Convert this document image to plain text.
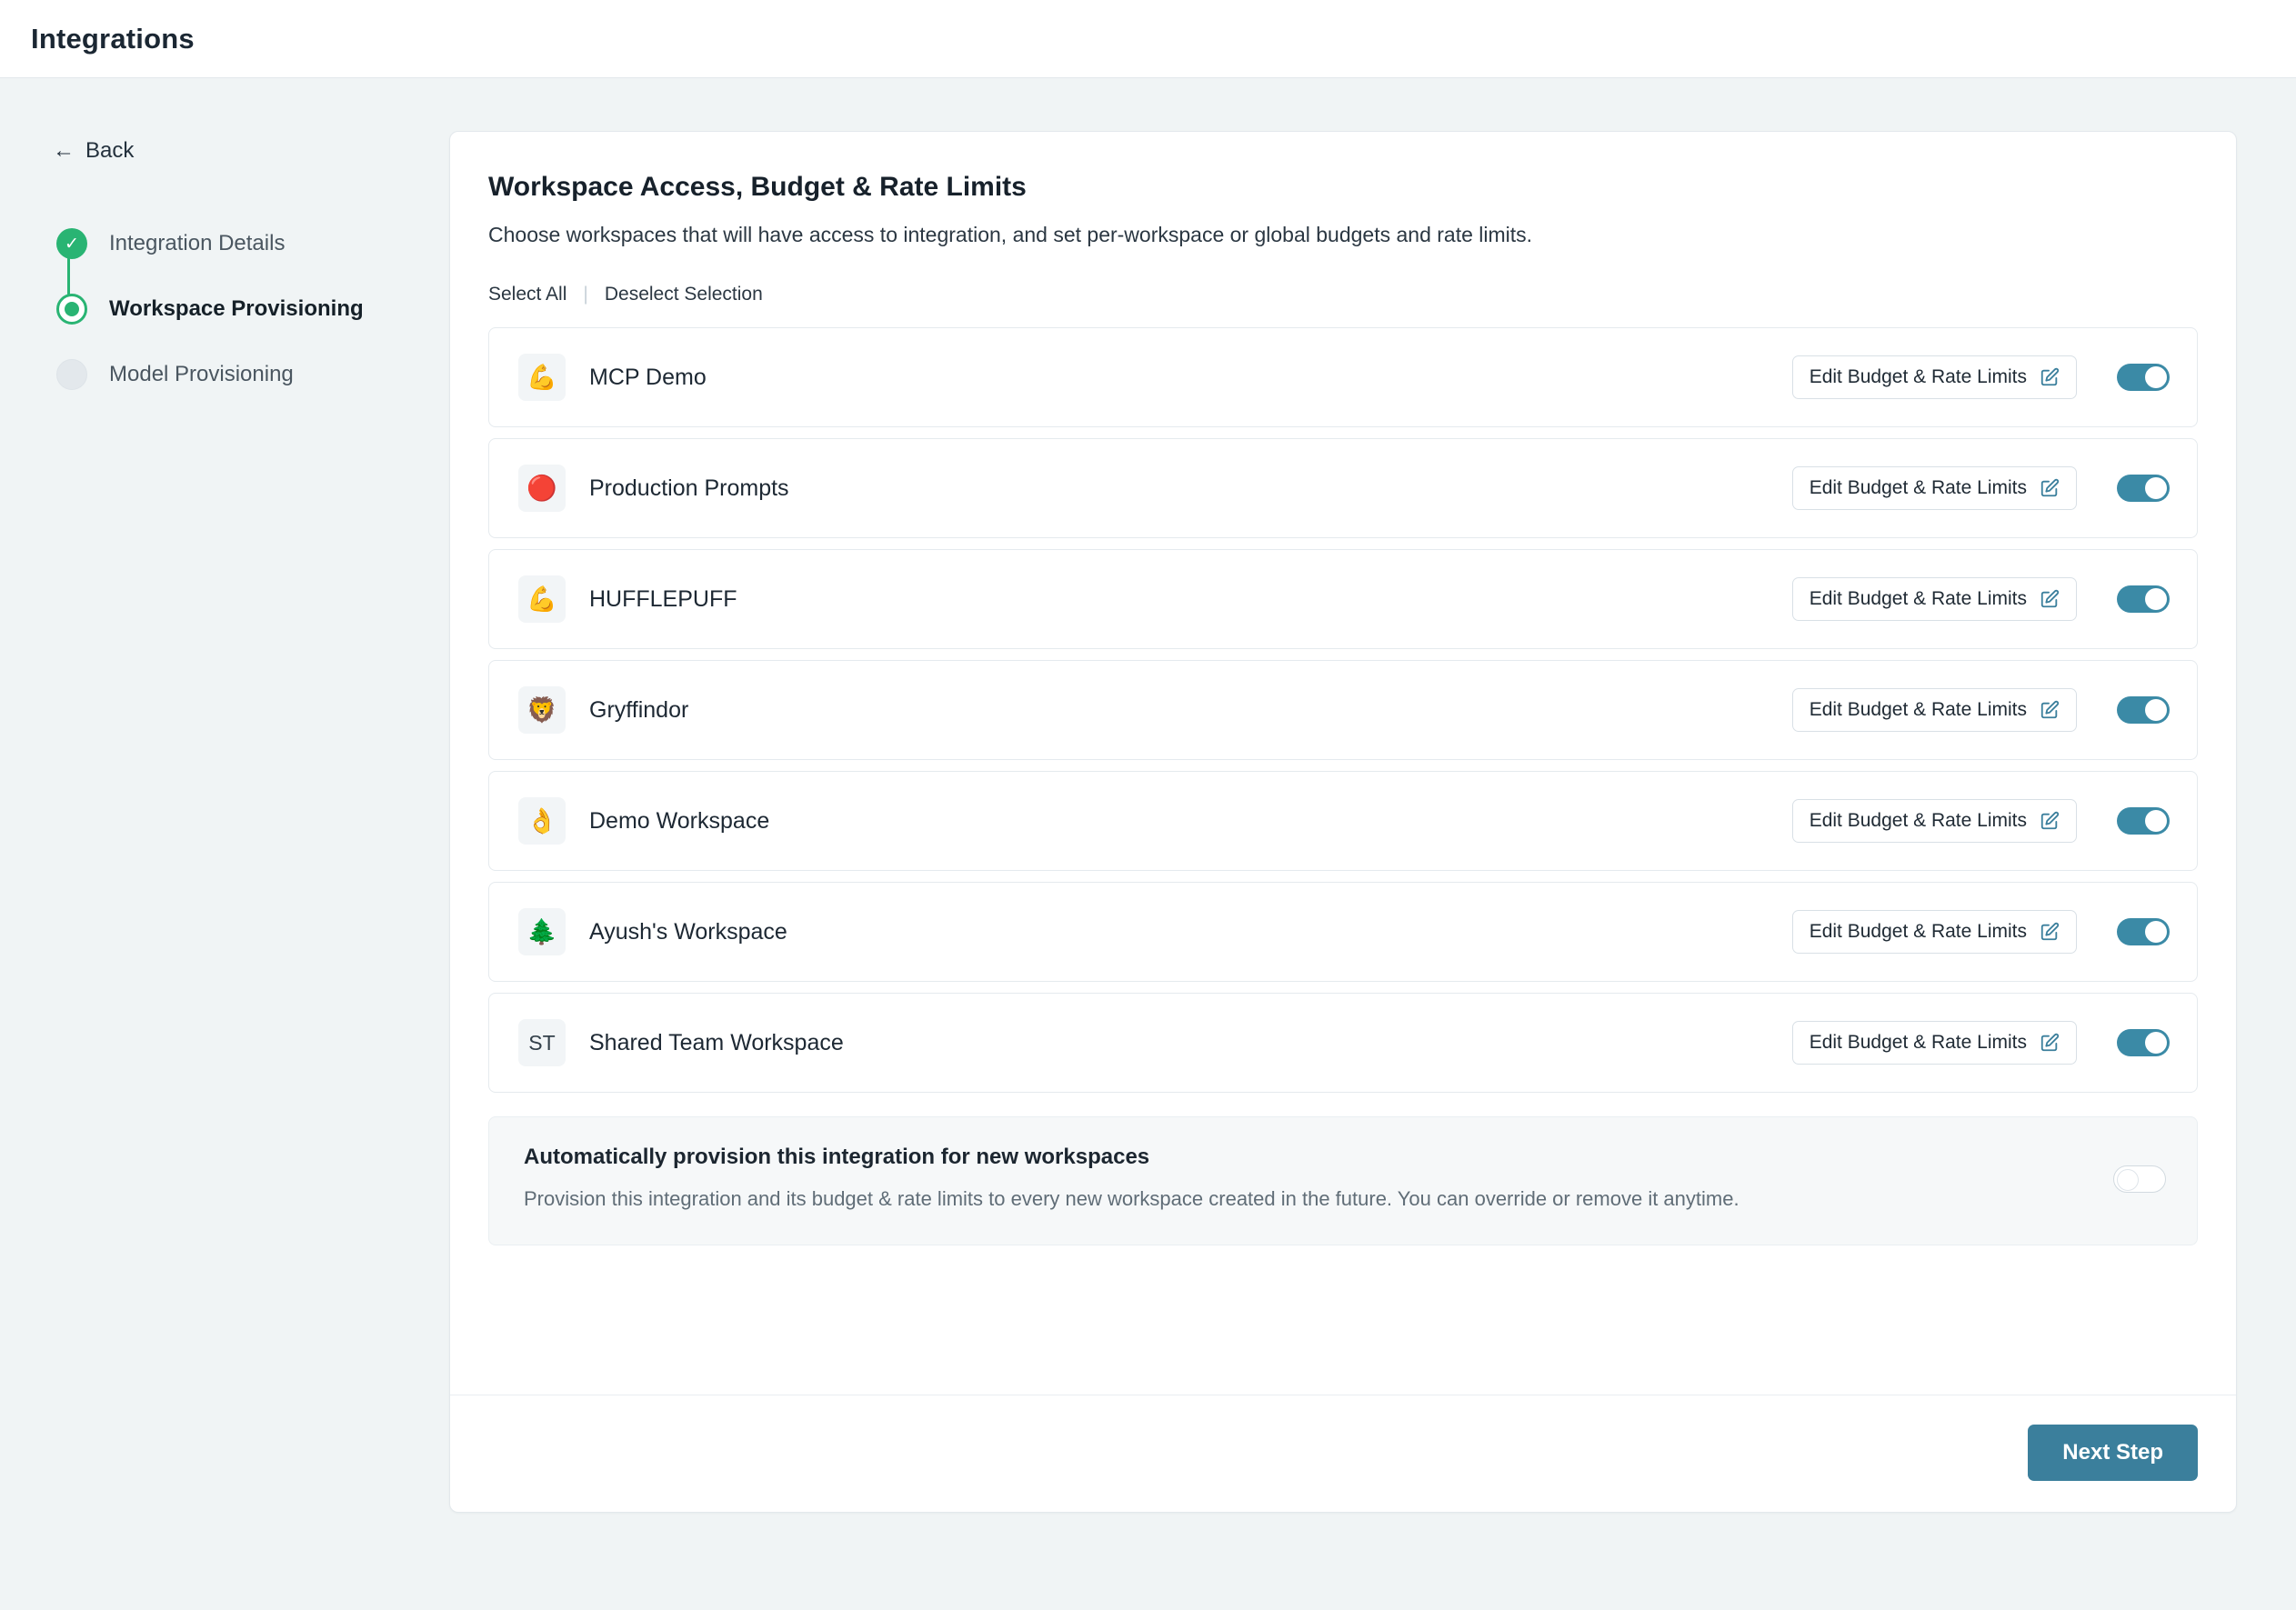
Integrations
← Back
✓	Integration Details
Workspace Provisioning
Model Provisioning
Workspace Access, Budget & Rate Limits

Choose workspaces that will have access to integration, and set per-workspace or global budgets and rate limits.

Select All | Deselect Selection
💪	MCP Demo	Edit Budget & Rate Limits
🔴	Production Prompts	Edit Budget & Rate Limits
💪	HUFFLEPUFF	Edit Budget & Rate Limits
🦁	Gryffindor	Edit Budget & Rate Limits
👌	Demo Workspace	Edit Budget & Rate Limits
🌲	Ayush's Workspace	Edit Budget & Rate Limits
ST	Shared Team Workspace	Edit Budget & Rate Limits
Automatically provision this integration for new workspaces
Provision this integration and its budget & rate limits to every new workspace created in the future. You can override or remove it anytime.
Next Step
